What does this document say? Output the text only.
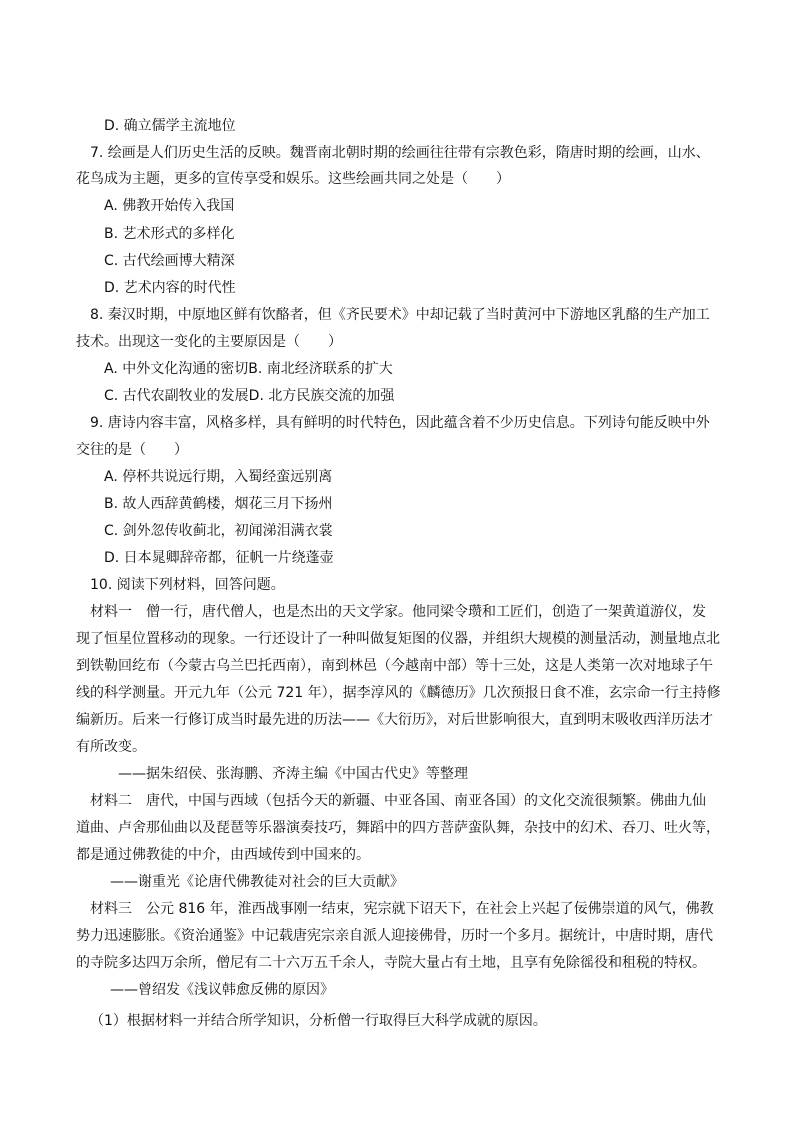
D. 确立儒学主流地位
7. 绘画是人们历史生活的反映。魏晋南北朝时期的绘画往往带有宗教色彩，隋唐时期的绘画，山水、
花鸟成为主题，更多的宣传享受和娱乐。这些绘画共同之处是（　　）
A. 佛教开始传入我国
B. 艺术形式的多样化
C. 古代绘画博大精深
D. 艺术内容的时代性
8. 秦汉时期，中原地区鲜有饮酪者，但《齐民要术》中却记载了当时黄河中下游地区乳酪的生产加工
技术。出现这一变化的主要原因是（　　）
A. 中外文化沟通的密切B. 南北经济联系的扩大
C. 古代农副牧业的发展D. 北方民族交流的加强
9. 唐诗内容丰富，风格多样，具有鲜明的时代特色，因此蕴含着不少历史信息。下列诗句能反映中外
交往的是（　　）
A. 停杯共说远行期，入蜀经蛮远别离
B. 故人西辞黄鹤楼，烟花三月下扬州
C. 剑外忽传收蓟北，初闻涕泪满衣裳
D. 日本晁卿辞帝都，征帆一片绕蓬壶
10. 阅读下列材料，回答问题。
材料一　僧一行，唐代僧人，也是杰出的天文学家。他同梁令瓒和工匠们，创造了一架黄道游仪，发
现了恒星位置移动的现象。一行还设计了一种叫做复矩图的仪器，并组织大规模的测量活动，测量地点北
到铁勒回纥布（今蒙古乌兰巴托西南），南到林邑（今越南中部）等十三处，这是人类第一次对地球子午
线的科学测量。开元九年（公元 721 年），据李淳风的《麟德历》几次预报日食不准，玄宗命一行主持修
编新历。后来一行修订成当时最先进的历法——《大衍历》，对后世影响很大，直到明末吸收西洋历法才
有所改变。
——据朱绍侯、张海鹏、齐涛主编《中国古代史》等整理
材料二　唐代，中国与西域（包括今天的新疆、中亚各国、南亚各国）的文化交流很频繁。佛曲九仙
道曲、卢舍那仙曲以及琵琶等乐器演奏技巧，舞蹈中的四方菩萨蛮队舞，杂技中的幻术、吞刀、吐火等，
都是通过佛教徒的中介，由西域传到中国来的。
——谢重光《论唐代佛教徒对社会的巨大贡献》
材料三　公元 816 年，淮西战事刚一结束，宪宗就下诏天下，在社会上兴起了佞佛崇道的风气，佛教
势力迅速膨胀。《资治通鉴》中记载唐宪宗亲自派人迎接佛骨，历时一个多月。据统计，中唐时期，唐代
的寺院多达四万余所，僧尼有二十六万五千余人，寺院大量占有土地，且享有免除徭役和租税的特权。
——曾绍发《浅议韩愈反佛的原因》
（1）根据材料一并结合所学知识，分析僧一行取得巨大科学成就的原因。
